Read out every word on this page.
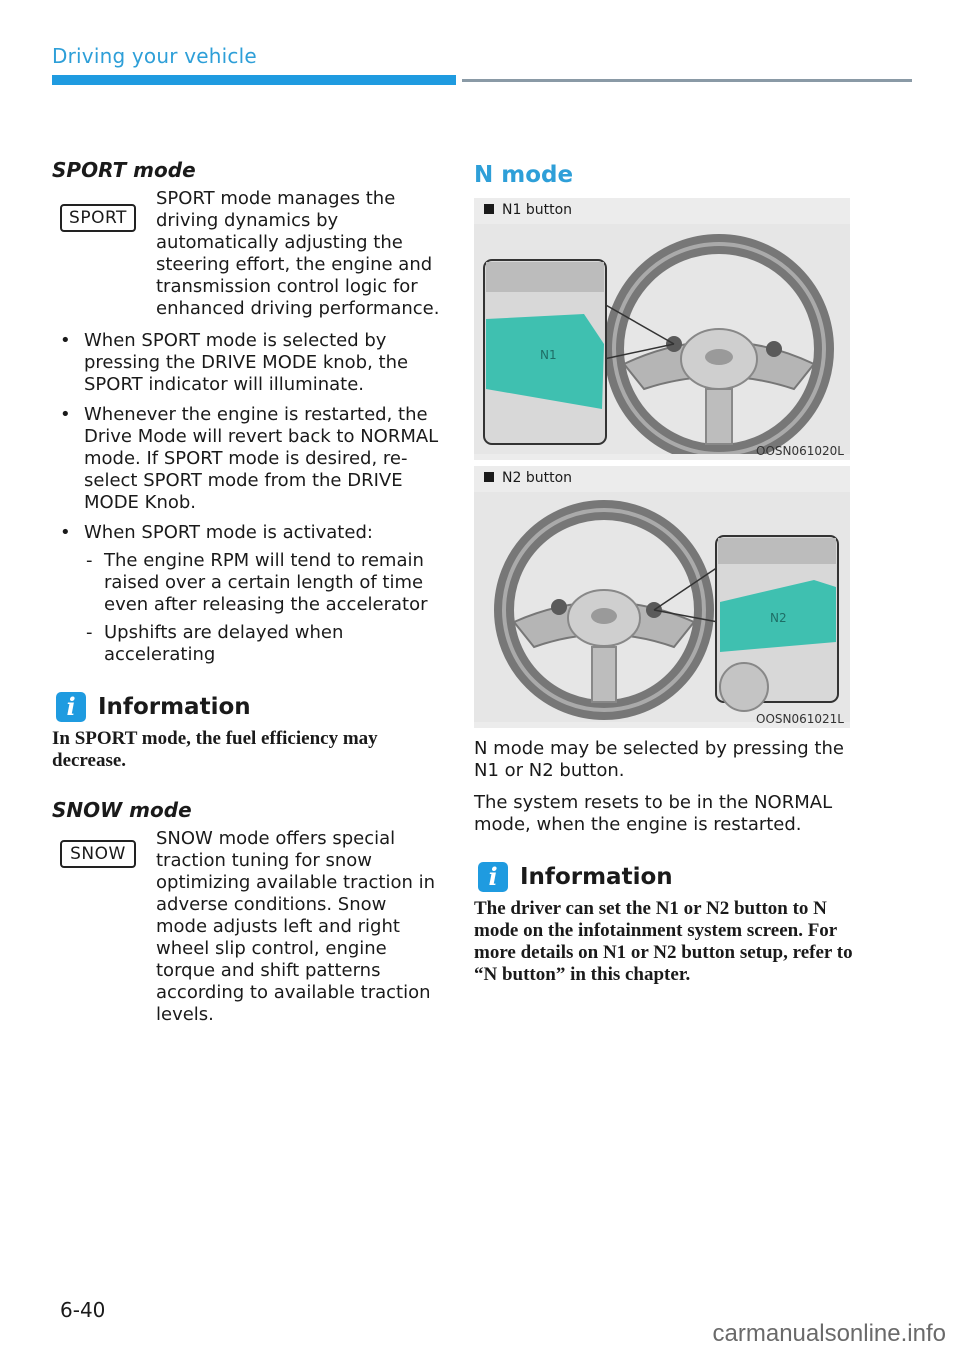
Driving your vehicle
SPORT mode
SPORT
SPORT mode manages the driving dynamics by automatically adjusting the steering effort, the engine and transmission control logic for enhanced driving performance.
• When SPORT mode is selected by pressing the DRIVE MODE knob, the SPORT indicator will illuminate.
• Whenever the engine is restarted, the Drive Mode will revert back to NORMAL mode. If SPORT mode is desired, re-select SPORT mode from the DRIVE MODE Knob.
• When SPORT mode is activated:
- The engine RPM will tend to remain raised over a certain length of time even after releasing the accelerator
- Upshifts are delayed when accelerating
i Information
In SPORT mode, the fuel efficiency may decrease.
SNOW mode
SNOW
SNOW mode offers special traction tuning for snow optimizing available traction in adverse conditions. Snow mode adjusts left and right wheel slip control, engine torque and shift patterns according to available traction levels.
N mode
N1 button
N1
OOSN061020L
N2 button
N2
OOSN061021L

N mode may be selected by pressing the N1 or N2 button.

The system resets to be in the NORMAL mode, when the engine is restarted.

i Information
The driver can set the N1 or N2 button to N mode on the infotainment system screen. For more details on N1 or N2 button setup, refer to “N button” in this chapter.
6-40
carmanualsonline.info
